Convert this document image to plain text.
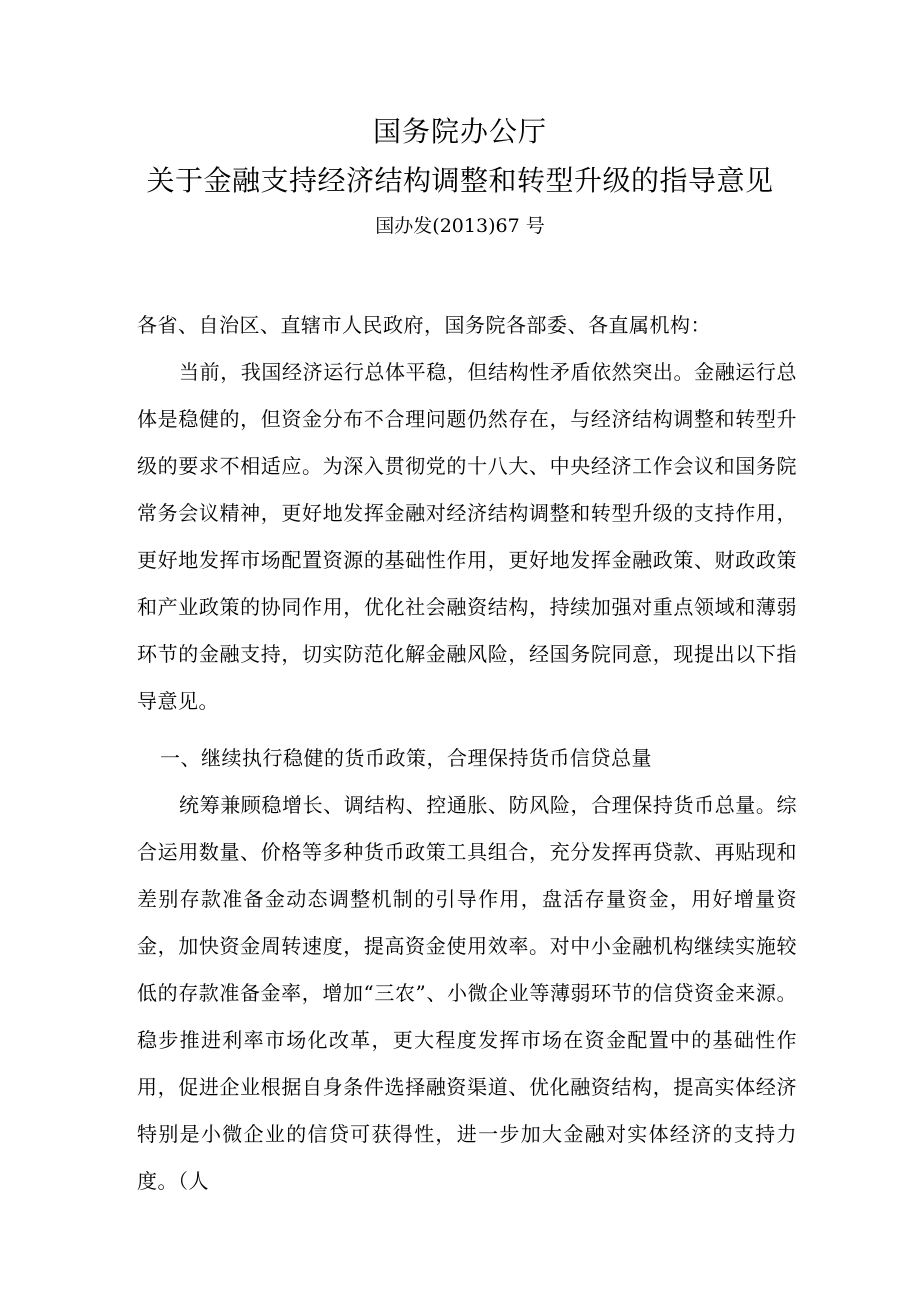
国务院办公厅
关于金融支持经济结构调整和转型升级的指导意见
国办发(2013)67 号

各省、自治区、直辖市人民政府，国务院各部委、各直属机构：

当前，我国经济运行总体平稳，但结构性矛盾依然突出。金融运行总体是稳健的，但资金分布不合理问题仍然存在，与经济结构调整和转型升级的要求不相适应。为深入贯彻党的十八大、中央经济工作会议和国务院常务会议精神，更好地发挥金融对经济结构调整和转型升级的支持作用，更好地发挥市场配置资源的基础性作用，更好地发挥金融政策、财政政策和产业政策的协同作用，优化社会融资结构，持续加强对重点领域和薄弱环节的金融支持，切实防范化解金融风险，经国务院同意，现提出以下指导意见。

一、继续执行稳健的货币政策，合理保持货币信贷总量

统筹兼顾稳增长、调结构、控通胀、防风险，合理保持货币总量。综合运用数量、价格等多种货币政策工具组合，充分发挥再贷款、再贴现和差别存款准备金动态调整机制的引导作用，盘活存量资金，用好增量资金，加快资金周转速度，提高资金使用效率。对中小金融机构继续实施较低的存款准备金率，增加“三农”、小微企业等薄弱环节的信贷资金来源。稳步推进利率市场化改革，更大程度发挥市场在资金配置中的基础性作用，促进企业根据自身条件选择融资渠道、优化融资结构，提高实体经济特别是小微企业的信贷可获得性，进一步加大金融对实体经济的支持力度。（人
